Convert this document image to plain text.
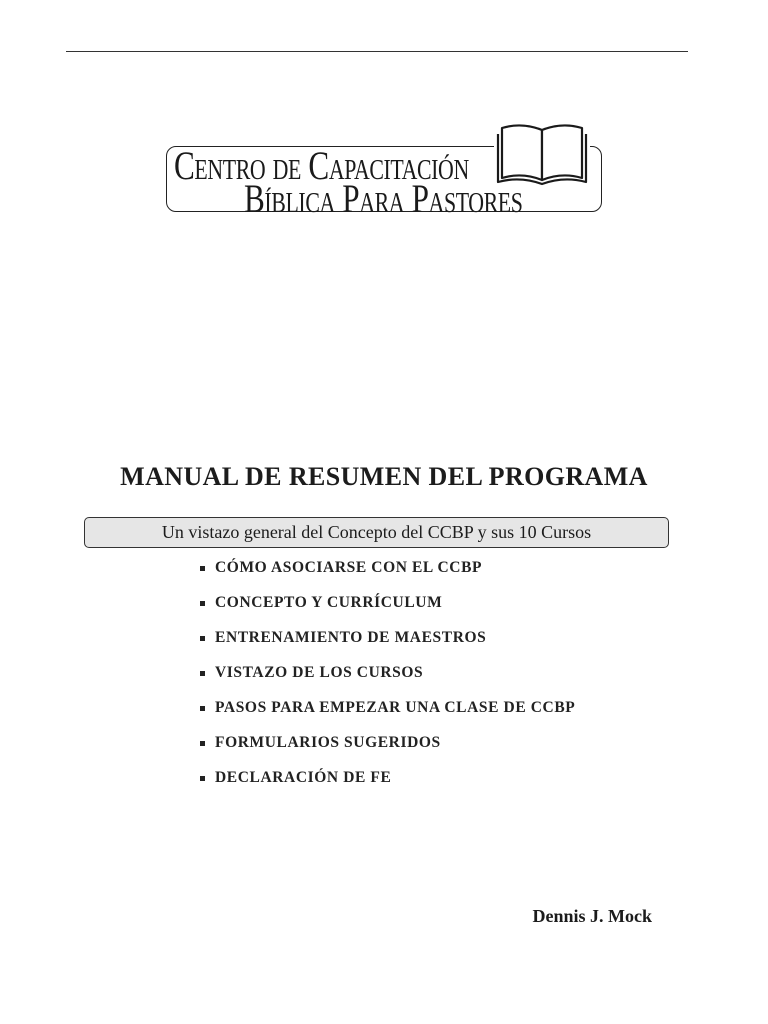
Centro de Capacitación
Bíblica Para Pastores
MANUAL DE RESUMEN DEL PROGRAMA
Un vistazo general del Concepto del CCBP y sus 10 Cursos
CÓMO ASOCIARSE CON EL CCBP
CONCEPTO Y CURRÍCULUM
ENTRENAMIENTO DE MAESTROS
VISTAZO DE LOS CURSOS
PASOS PARA EMPEZAR UNA CLASE DE CCBP
FORMULARIOS SUGERIDOS
DECLARACIÓN DE FE
Dennis J. Mock
